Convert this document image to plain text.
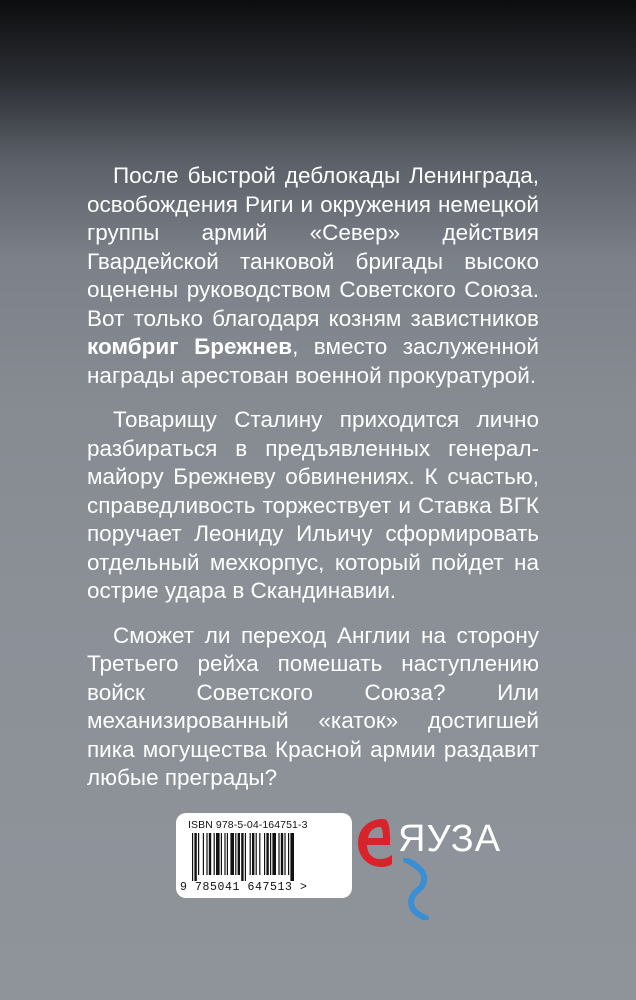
После быстрой деблокады Ленинграда, освобождения Риги и окружения немецкой группы армий «Север» действия Гвардейской танковой бригады высоко оценены руководством Советского Союза. Вот только благодаря козням завистников комбриг Брежнев, вместо заслуженной награды арестован военной прокуратурой.

Товарищу Сталину приходится лично разбираться в предъявленных генерал-майору Брежневу обвинениях. К счастью, справедливость торжествует и Ставка ВГК поручает Леониду Ильичу сформировать отдельный мехкорпус, который пойдет на острие удара в Скандинавии.

Сможет ли переход Англии на сторону Третьего рейха помешать наступлению войск Советского Союза? Или механизированный «каток» достигшей пика могущества Красной армии раздавит любые преграды?

ISBN 978-5-04-164751-3
9 785041 647513 >
ЯУЗА
